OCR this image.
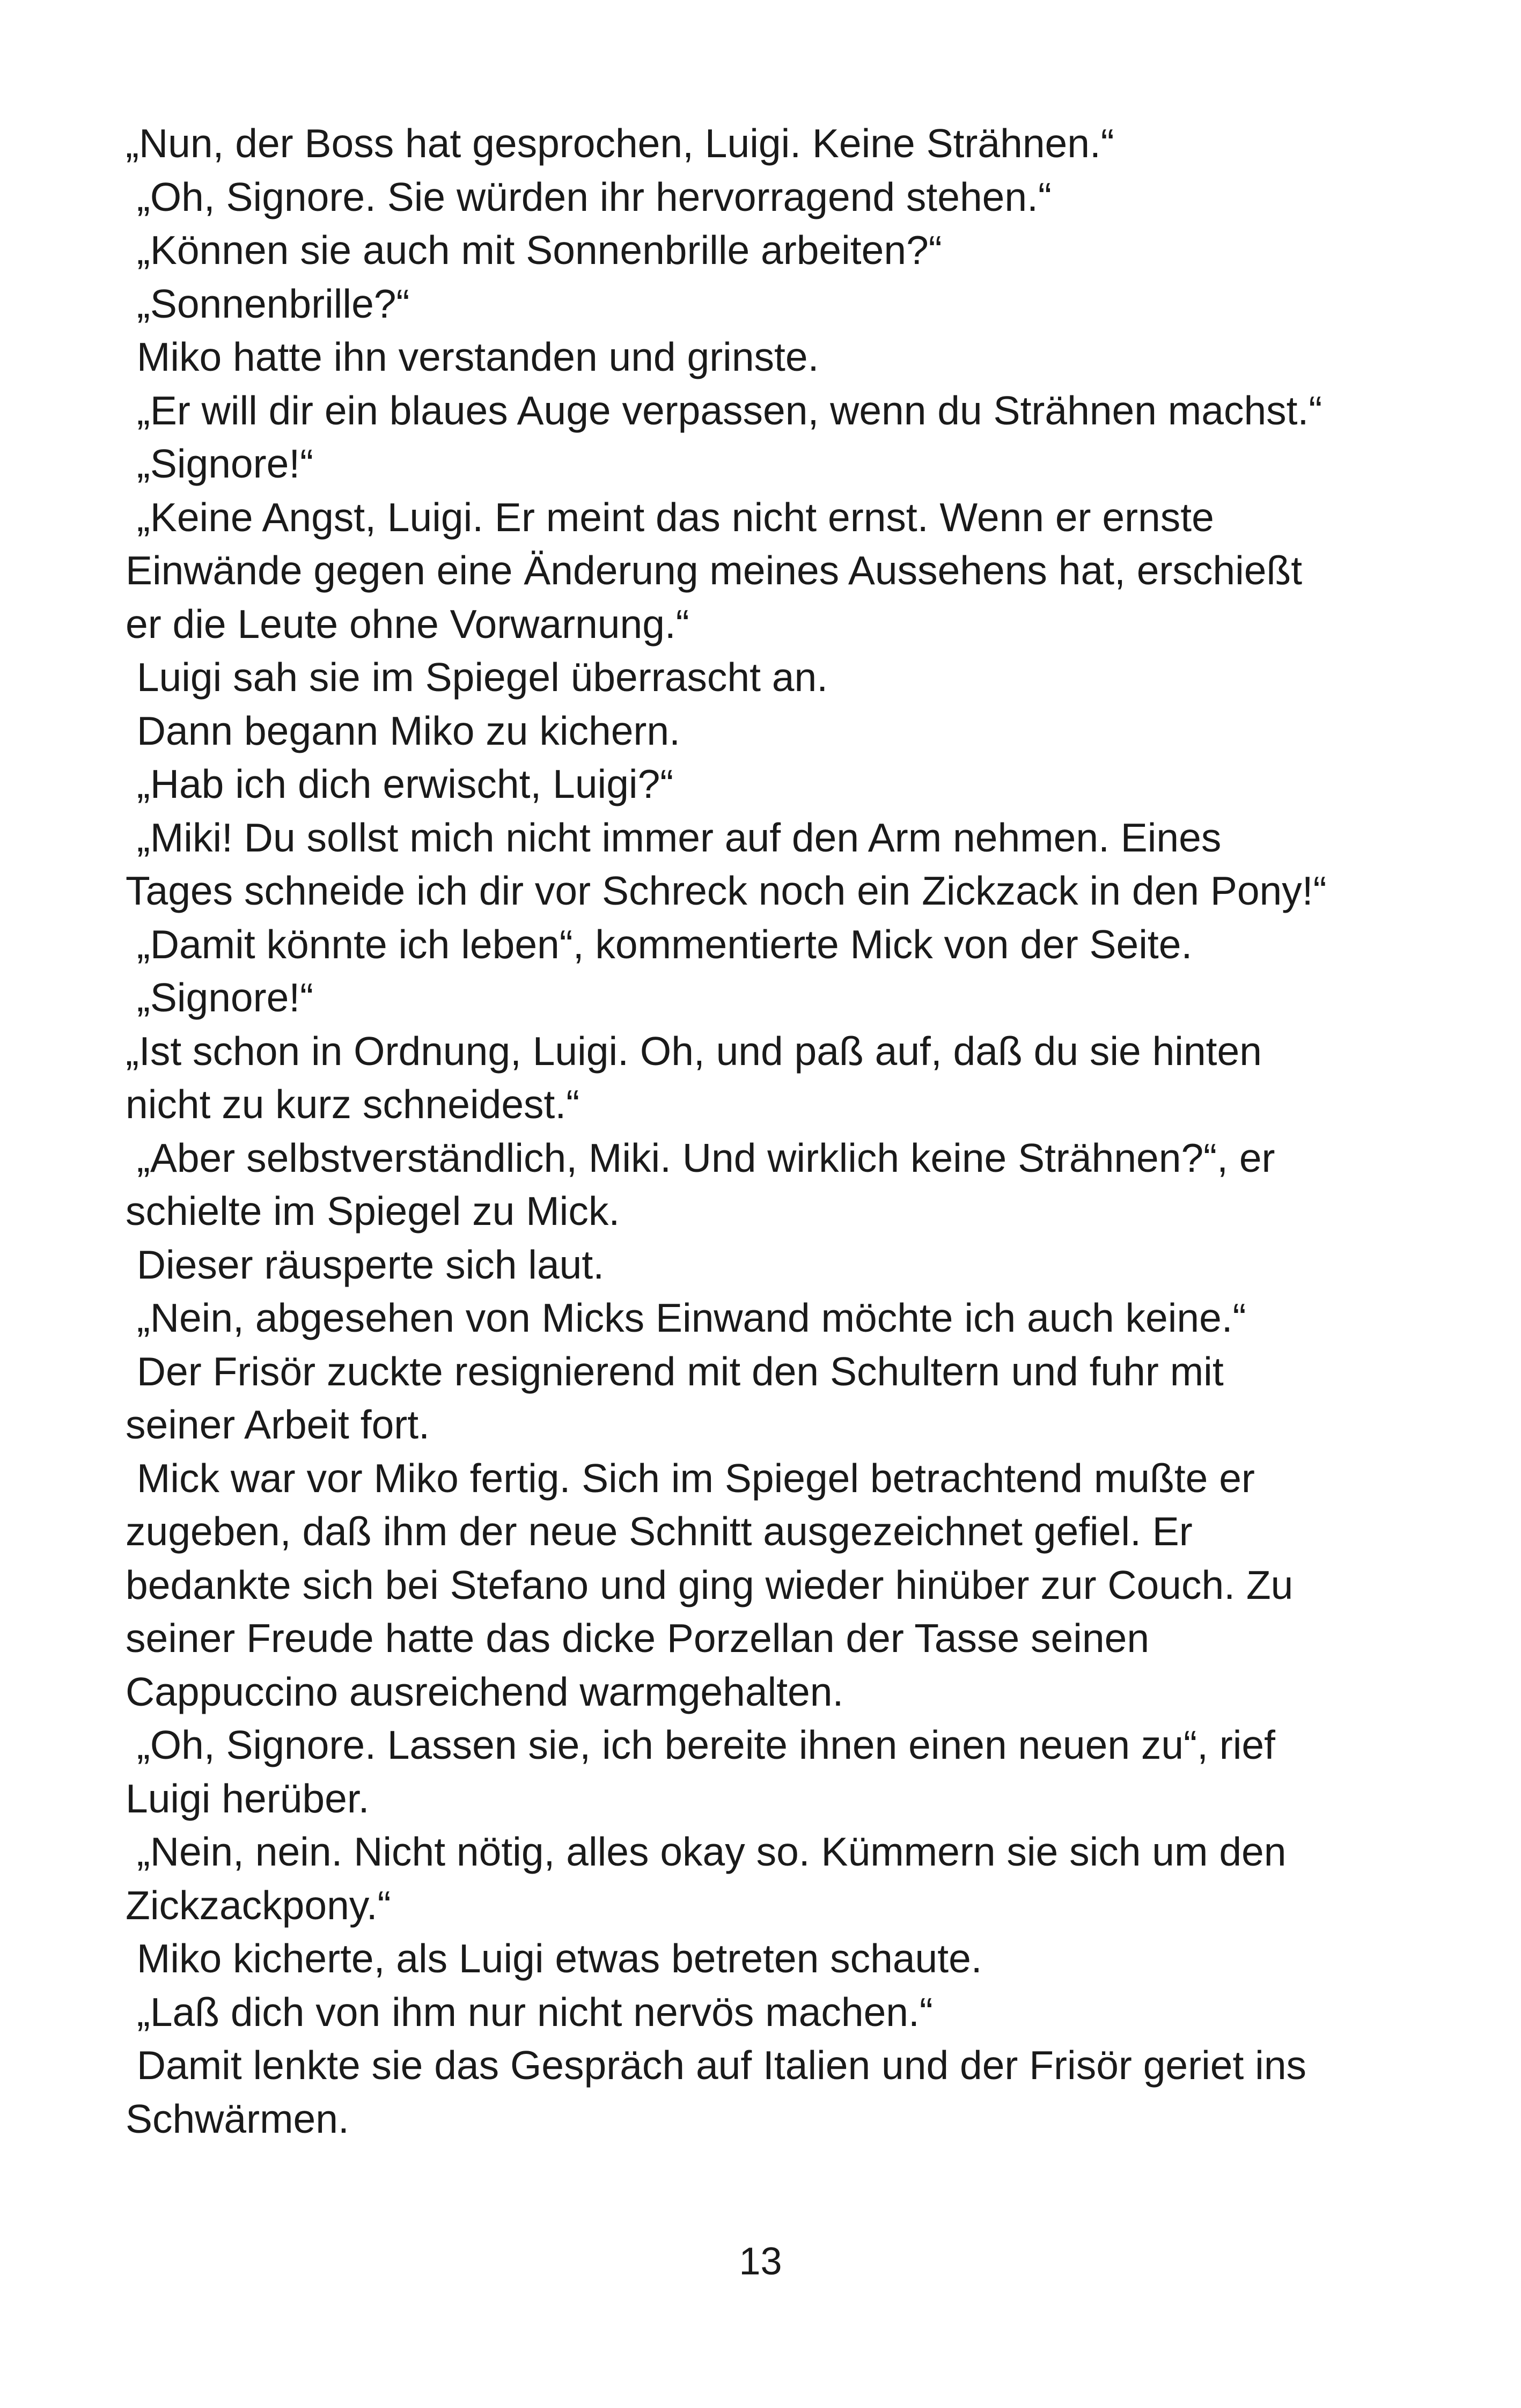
„Nun, der Boss hat gesprochen, Luigi. Keine Strähnen.“
„Oh, Signore. Sie würden ihr hervorragend stehen.“
„Können sie auch mit Sonnenbrille arbeiten?“
„Sonnenbrille?“
Miko hatte ihn verstanden und grinste.
„Er will dir ein blaues Auge verpassen, wenn du Strähnen machst.“
„Signore!“
„Keine Angst, Luigi. Er meint das nicht ernst. Wenn er ernste
Einwände gegen eine Änderung meines Aussehens hat, erschießt
er die Leute ohne Vorwarnung.“
Luigi sah sie im Spiegel überrascht an.
Dann begann Miko zu kichern.
„Hab ich dich erwischt, Luigi?“
„Miki! Du sollst mich nicht immer auf den Arm nehmen. Eines
Tages schneide ich dir vor Schreck noch ein Zickzack in den Pony!“
„Damit könnte ich leben“, kommentierte Mick von der Seite.
„Signore!“
„Ist schon in Ordnung, Luigi. Oh, und paß auf, daß du sie hinten
nicht zu kurz schneidest.“
„Aber selbstverständlich, Miki. Und wirklich keine Strähnen?“, er
schielte im Spiegel zu Mick.
Dieser räusperte sich laut.
„Nein, abgesehen von Micks Einwand möchte ich auch keine.“
Der Frisör zuckte resignierend mit den Schultern und fuhr mit
seiner Arbeit fort.
Mick war vor Miko fertig. Sich im Spiegel betrachtend mußte er
zugeben, daß ihm der neue Schnitt ausgezeichnet gefiel. Er
bedankte sich bei Stefano und ging wieder hinüber zur Couch. Zu
seiner Freude hatte das dicke Porzellan der Tasse seinen
Cappuccino ausreichend warmgehalten.
„Oh, Signore. Lassen sie, ich bereite ihnen einen neuen zu“, rief
Luigi herüber.
„Nein, nein. Nicht nötig, alles okay so. Kümmern sie sich um den
Zickzackpony.“
Miko kicherte, als Luigi etwas betreten schaute.
„Laß dich von ihm nur nicht nervös machen.“
Damit lenkte sie das Gespräch auf Italien und der Frisör geriet ins
Schwärmen.
13
